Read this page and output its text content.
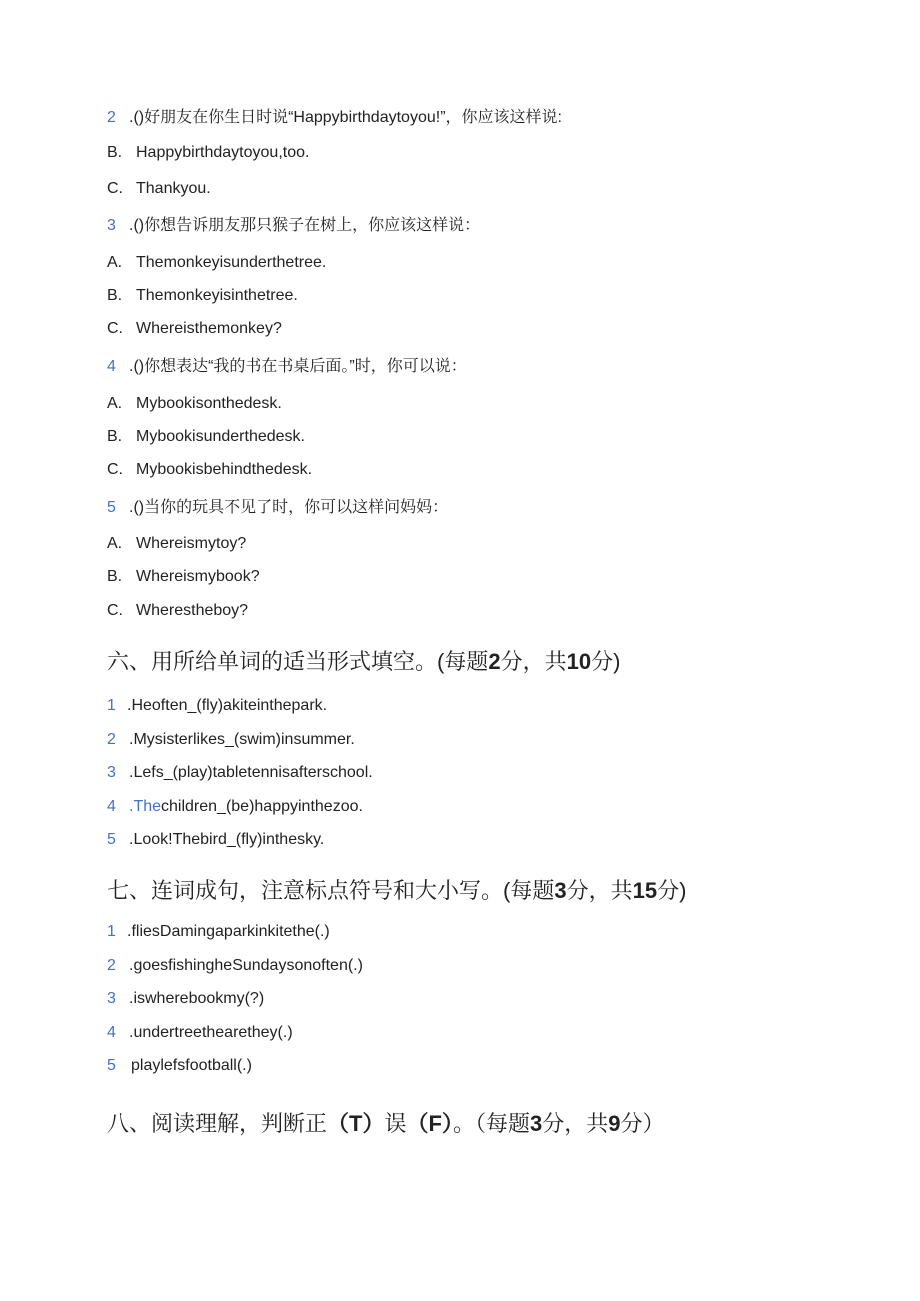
2 .()好朋友在你生日时说“Happybirthdaytoyou!”，你应该这样说:
B. Happybirthdaytoyou,too.
C. Thankyou.
3 .()你想告诉朋友那只猴子在树上，你应该这样说：
A. Themonkeyisunderthetree.
B. Themonkeyisinthetree.
C. Whereisthemonkey?
4 .()你想表达“我的书在书桌后面。”时，你可以说：
A. Mybookisonthedesk.
B. Mybookisunderthedesk.
C. Mybookisbehindthedesk.
5 .()当你的玩具不见了时，你可以这样问妈妈：
A. Whereismytoy?
B. Whereismybook?
C. Wherestheboy?
六、用所给单词的适当形式填空。(每题2分，共10分)
1 .Heoften_(fly)akiteinthepark.
2 .Mysisterlikes_(swim)insummer.
3 .Lefs_(play)tabletennisafterschool.
4 .Thechildren_(be)happyinthezoo.
5 .Look!Thebird_(fly)inthesky.
七、连词成句，注意标点符号和大小写。(每题3分，共15分)
1 .fliesDamingaparkinkitethe(.)
2 .goesfishingheSundaysonoften(.)
3 .iswherebookmy(?)
4 .undertreethearethey(.)
5 playlefsfootball(.)
八、阅读理解，判断正（T）误（F）。（每题3分，共9分）
